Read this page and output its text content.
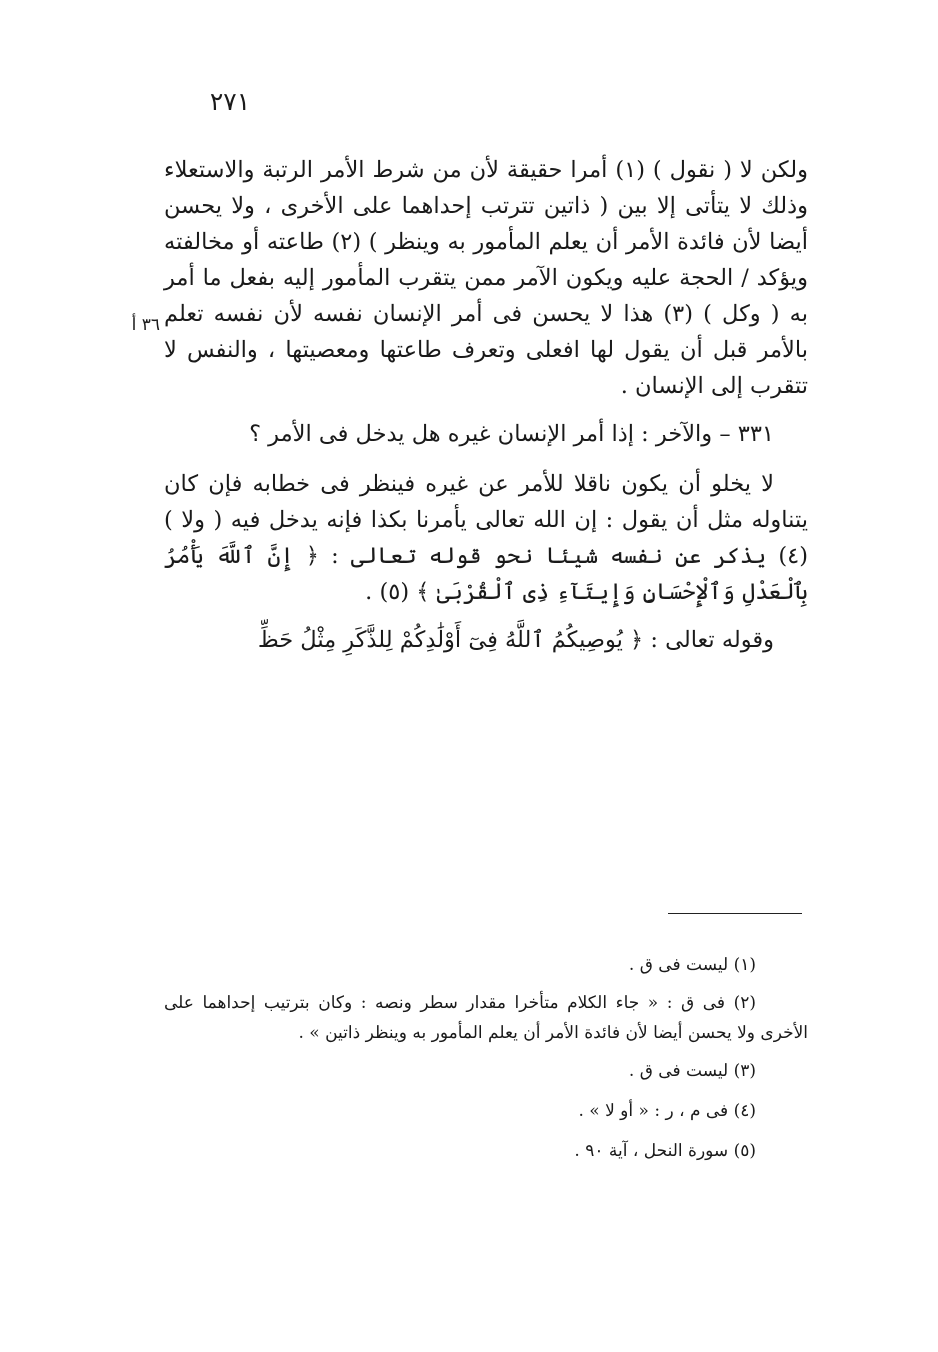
٢٧١
٣٦ أ

ولكن لا ( نقول ) (١) أمرا حقيقة لأن من شرط الأمر الرتبة والاستعلاء وذلك لا يتأتى إلا بين ( ذاتين تترتب إحداهما على الأخرى ، ولا يحسن أيضا لأن فائدة الأمر أن يعلم المأمور به وينظر ) (٢) طاعته أو مخالفته ويؤكد / الحجة عليه ويكون الآمر ممن يتقرب المأمور إليه بفعل ما أمر به ( وكل ) (٣) هذا لا يحسن فى أمر الإنسان نفسه لأن نفسه تعلم بالأمر قبل أن يقول لها افعلى وتعرف طاعتها ومعصيتها ، والنفس لا تتقرب إلى الإنسان .

٣٣١ – والآخر : إذا أمر الإنسان غيره هل يدخل فى الأمر ؟

لا يخلو أن يكون ناقلا للأمر عن غيره فينظر فى خطابه فإن كان يتناوله مثل أن يقول : إن الله تعالى يأمرنا بكذا فإنه يدخل فيه ( ولا ) (٤) يذكر عن نفسه شيئا نحو قوله تعالى : ﴿ إِنَّ ٱللَّهَ يَأْمُرُ بِٱلْعَدْلِ وَٱلْإِحْسَانِ وَإِيتَآءِ ذِى ٱلْقُرْبَىٰ ﴾ (٥) .

وقوله تعالى : ﴿ يُوصِيكُمُ ٱللَّهُ فِىٓ أَوْلَٰدِكُمْ لِلذَّكَرِ مِثْلُ حَظِّ

(١) ليست فى ق .

(٢) فى ق : « جاء الكلام متأخرا مقدار سطر ونصه : وكان بترتيب إحداهما على الأخرى ولا يحسن أيضا لأن فائدة الأمر أن يعلم المأمور به وينظر ذاتين » .

(٣) ليست فى ق .

(٤) فى م ، ر : « أو لا » .

(٥) سورة النحل ، آية ٩٠ .
